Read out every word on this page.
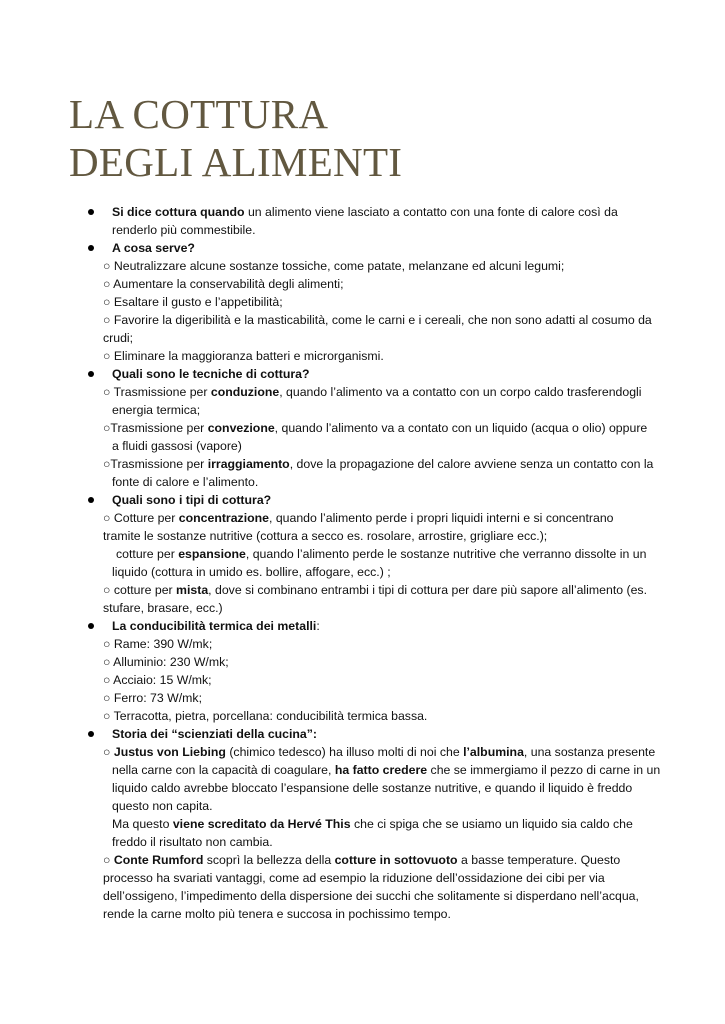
LA COTTURA
DEGLI ALIMENTI
Si dice cottura quando un alimento viene lasciato a contatto con una fonte di calore così da
renderlo più commestibile.
A cosa serve?
○ Neutralizzare alcune sostanze tossiche, come patate, melanzane ed alcuni legumi;
○ Aumentare la conservabilità degli alimenti;
○ Esaltare il gusto e l’appetibilità;
○ Favorire la digeribilità e la masticabilità, come le carni e i cereali, che non sono adatti al cosumo da
crudi;
○ Eliminare la maggioranza batteri e microrganismi.
Quali sono le tecniche di cottura?
○ Trasmissione per conduzione, quando l’alimento va a contatto con un corpo caldo trasferendogli
energia termica;
○Trasmissione per convezione, quando l’alimento va a contato con un liquido (acqua o olio) oppure
a fluidi gassosi (vapore)
○Trasmissione per irraggiamento, dove la propagazione del calore avviene senza un contatto con la
fonte di calore e l’alimento.
Quali sono i tipi di cottura?
○ Cotture per concentrazione, quando l’alimento perde i propri liquidi interni e si concentrano
tramite le sostanze nutritive (cottura a secco es. rosolare, arrostire, grigliare ecc.);
cotture per espansione, quando l’alimento perde le sostanze nutritive che verranno dissolte in un
liquido (cottura in umido es. bollire, affogare, ecc.) ;
○ cotture per mista, dove si combinano entrambi i tipi di cottura per dare più sapore all’alimento (es.
stufare, brasare, ecc.)
La conducibilità termica dei metalli:
○ Rame: 390 W/mk;
○ Alluminio: 230 W/mk;
○ Acciaio: 15 W/mk;
○ Ferro: 73 W/mk;
○ Terracotta, pietra, porcellana: conducibilità termica bassa.
Storia dei “scienziati della cucina”:
○ Justus von Liebing (chimico tedesco) ha illuso molti di noi che l’albumina, una sostanza presente
nella carne con la capacità di coagulare, ha fatto credere che se immergiamo il pezzo di carne in un
liquido caldo avrebbe bloccato l’espansione delle sostanze nutritive, e quando il liquido è freddo
questo non capita.
Ma questo viene screditato da Hervé This che ci spiga che se usiamo un liquido sia caldo che
freddo il risultato non cambia.
○ Conte Rumford scoprì la bellezza della cotture in sottovuoto a basse temperature. Questo
processo ha svariati vantaggi, come ad esempio la riduzione dell’ossidazione dei cibi per via
dell’ossigeno, l’impedimento della dispersione dei succhi che solitamente si disperdano nell’acqua,
rende la carne molto più tenera e succosa in pochissimo tempo.
